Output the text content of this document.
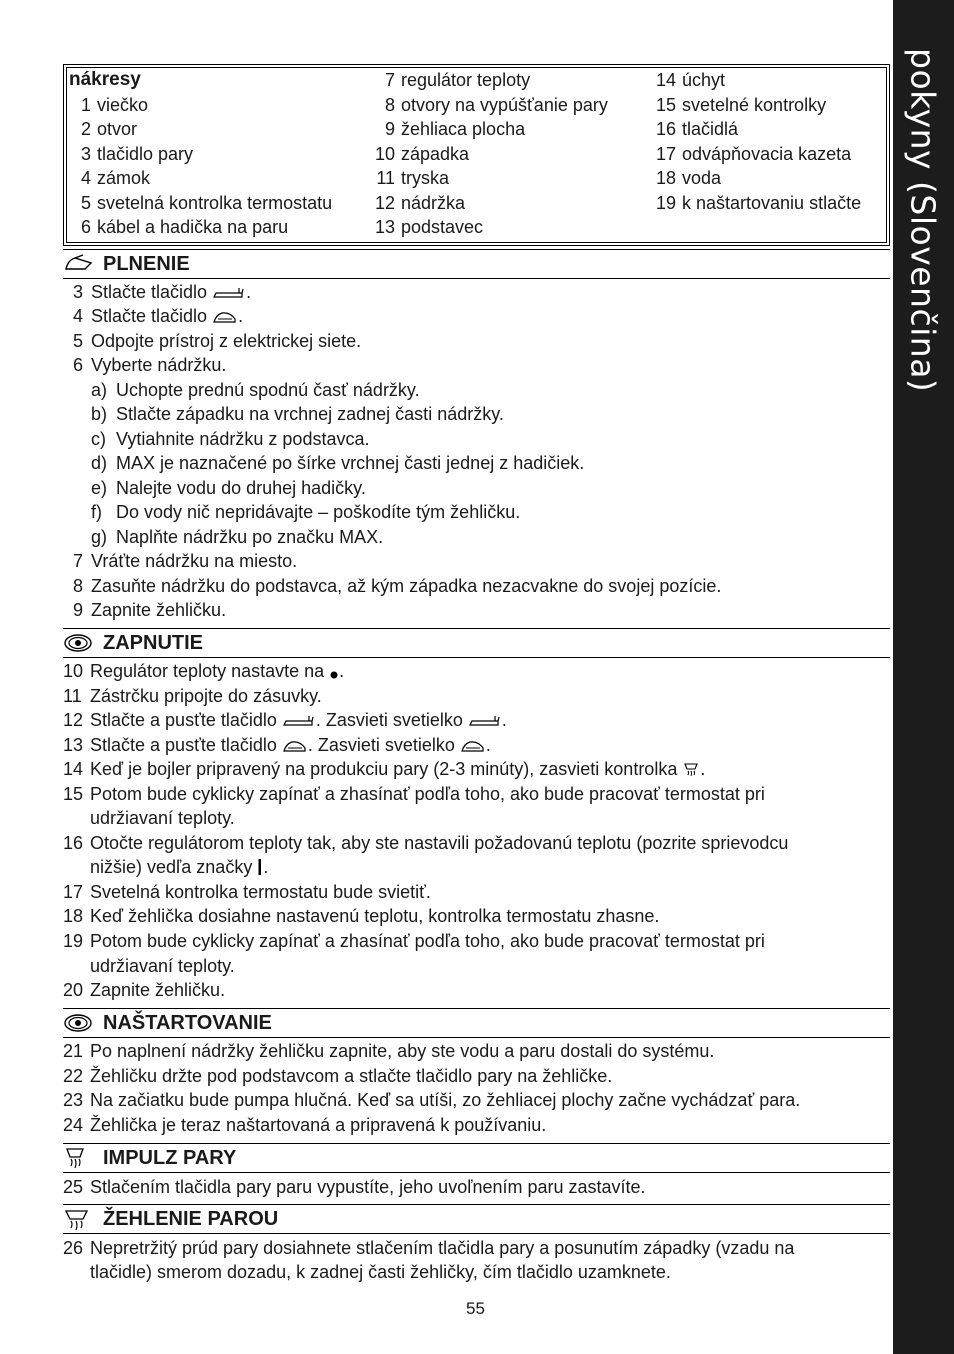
pokyny (Slovenčina)
nákresy
1 viečko
2 otvor
3 tlačidlo pary
4 zámok
5 svetelná kontrolka termostatu
6 kábel a hadička na paru
7 regulátor teploty
8 otvory na vypúšťanie pary
9 žehliaca plocha
10 západka
11 tryska
12 nádržka
13 podstavec
14 úchyt
15 svetelné kontrolky
16 tlačidlá
17 odvápňovacia kazeta
18 voda
19 k naštartovaniu stlačte
PLNENIE
3 Stlačte tlačidlo .
4 Stlačte tlačidlo .
5 Odpojte prístroj z elektrickej siete.
6 Vyberte nádržku.
a) Uchopte prednú spodnú časť nádržky.
b) Stlačte západku na vrchnej zadnej časti nádržky.
c) Vytiahnite nádržku z podstavca.
d) MAX je naznačené po šírke vrchnej časti jednej z hadičiek.
e) Nalejte vodu do druhej hadičky.
f) Do vody nič nepridávajte – poškodíte tým žehličku.
g) Naplňte nádržku po značku MAX.
7 Vráťte nádržku na miesto.
8 Zasuňte nádržku do podstavca, až kým západka nezacvakne do svojej pozície.
9 Zapnite žehličku.
ZAPNUTIE
10 Regulátor teploty nastavte na .
11 Zástrčku pripojte do zásuvky.
12 Stlačte a pusťte tlačidlo . Zasvieti svetielko .
13 Stlačte a pusťte tlačidlo . Zasvieti svetielko .
14 Keď je bojler pripravený na produkciu pary (2-3 minúty), zasvieti kontrolka .
15 Potom bude cyklicky zapínať a zhasínať podľa toho, ako bude pracovať termostat pri
udržiavaní teploty.
16 Otočte regulátorom teploty tak, aby ste nastavili požadovanú teplotu (pozrite sprievodcu
nižšie) vedľa značky .
17 Svetelná kontrolka termostatu bude svietiť.
18 Keď žehlička dosiahne nastavenú teplotu, kontrolka termostatu zhasne.
19 Potom bude cyklicky zapínať a zhasínať podľa toho, ako bude pracovať termostat pri
udržiavaní teploty.
20 Zapnite žehličku.
NAŠTARTOVANIE
21 Po naplnení nádržky žehličku zapnite, aby ste vodu a paru dostali do systému.
22 Žehličku držte pod podstavcom a stlačte tlačidlo pary na žehličke.
23 Na začiatku bude pumpa hlučná. Keď sa utíši, zo žehliacej plochy začne vychádzať para.
24 Žehlička je teraz naštartovaná a pripravená k používaniu.
IMPULZ PARY
25 Stlačením tlačidla pary paru vypustíte, jeho uvoľnením paru zastavíte.
ŽEHLENIE PAROU
26 Nepretržitý prúd pary dosiahnete stlačením tlačidla pary a posunutím západky (vzadu na
tlačidle) smerom dozadu, k zadnej časti žehličky, čím tlačidlo uzamknete.
55
